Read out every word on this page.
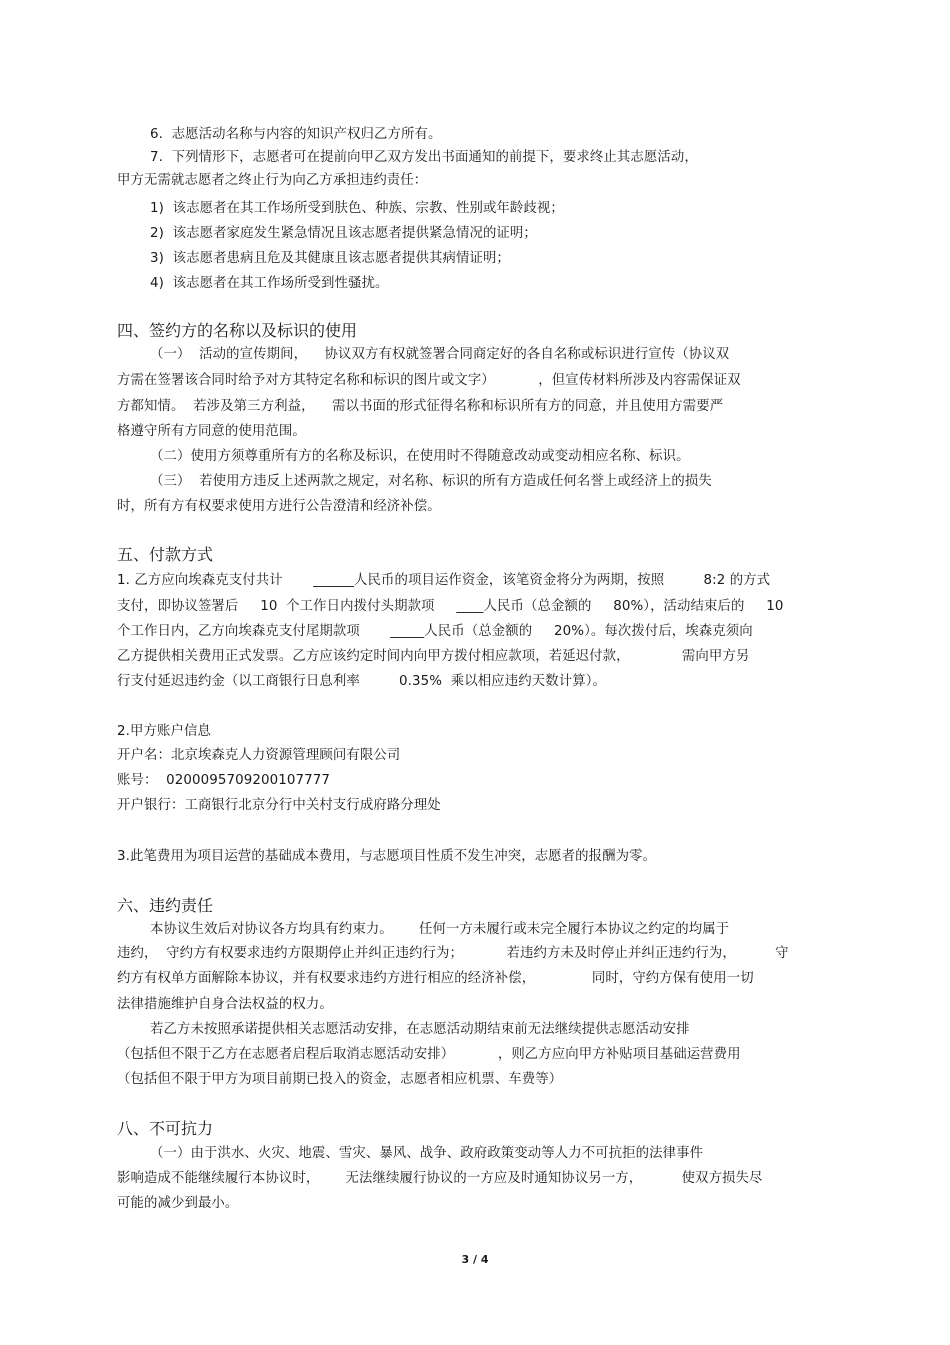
6.  志愿活动名称与内容的知识产权归乙方所有。
7.  下列情形下，志愿者可在提前向甲乙双方发出书面通知的前提下，要求终止其志愿活动，
甲方无需就志愿者之终止行为向乙方承担违约责任：
1)  该志愿者在其工作场所受到肤色、种族、宗教、性别或年龄歧视；
2)  该志愿者家庭发生紧急情况且该志愿者提供紧急情况的证明；
3)  该志愿者患病且危及其健康且该志愿者提供其病情证明；
4)  该志愿者在其工作场所受到性骚扰。
四、签约方的名称以及标识的使用
（一）  活动的宣传期间，    协议双方有权就签署合同商定好的各自名称或标识进行宣传（协议双
方需在签署该合同时给予对方其特定名称和标识的图片或文字）          ，但宣传材料所涉及内容需保证双
方都知情。  若涉及第三方利益，    需以书面的形式征得名称和标识所有方的同意，并且使用方需要严
格遵守所有方同意的使用范围。
（二）使用方须尊重所有方的名称及标识，在使用时不得随意改动或变动相应名称、标识。
（三）  若使用方违反上述两款之规定，对名称、标识的所有方造成任何名誉上或经济上的损失
时，所有方有权要求使用方进行公告澄清和经济补偿。
五、付款方式
1. 乙方应向埃森克支付共计       ______人民币的项目运作资金，该笔资金将分为两期，按照         8:2 的方式
支付，即协议签署后     10  个工作日内拨付头期款项     ____人民币（总金额的     80%），活动结束后的     10
个工作日内，乙方向埃森克支付尾期款项       _____人民币（总金额的     20%）。每次拨付后，埃森克须向
乙方提供相关费用正式发票。乙方应该约定时间内向甲方拨付相应款项，若延迟付款，            需向甲方另
行支付延迟违约金（以工商银行日息利率         0.35%  乘以相应违约天数计算）。
2.甲方账户信息
开户名：北京埃森克人力资源管理顾问有限公司
账号：  0200095709200107777
开户银行：工商银行北京分行中关村支行成府路分理处
3.此笔费用为项目运营的基础成本费用，与志愿项目性质不发生冲突，志愿者的报酬为零。
六、违约责任
本协议生效后对协议各方均具有约束力。      任何一方未履行或未完全履行本协议之约定的均属于
违约，  守约方有权要求违约方限期停止并纠正违约行为；          若违约方未及时停止并纠正违约行为，         守
约方有权单方面解除本协议，并有权要求违约方进行相应的经济补偿，             同时，守约方保有使用一切
法律措施维护自身合法权益的权力。
若乙方未按照承诺提供相关志愿活动安排，在志愿活动期结束前无法继续提供志愿活动安排
（包括但不限于乙方在志愿者启程后取消志愿活动安排）          ，则乙方应向甲方补贴项目基础运营费用
（包括但不限于甲方为项目前期已投入的资金，志愿者相应机票、车费等）
八、不可抗力
（一）由于洪水、火灾、地震、雪灾、暴风、战争、政府政策变动等人力不可抗拒的法律事件
影响造成不能继续履行本协议时，      无法继续履行协议的一方应及时通知协议另一方，         使双方损失尽
可能的减少到最小。
3 / 4
